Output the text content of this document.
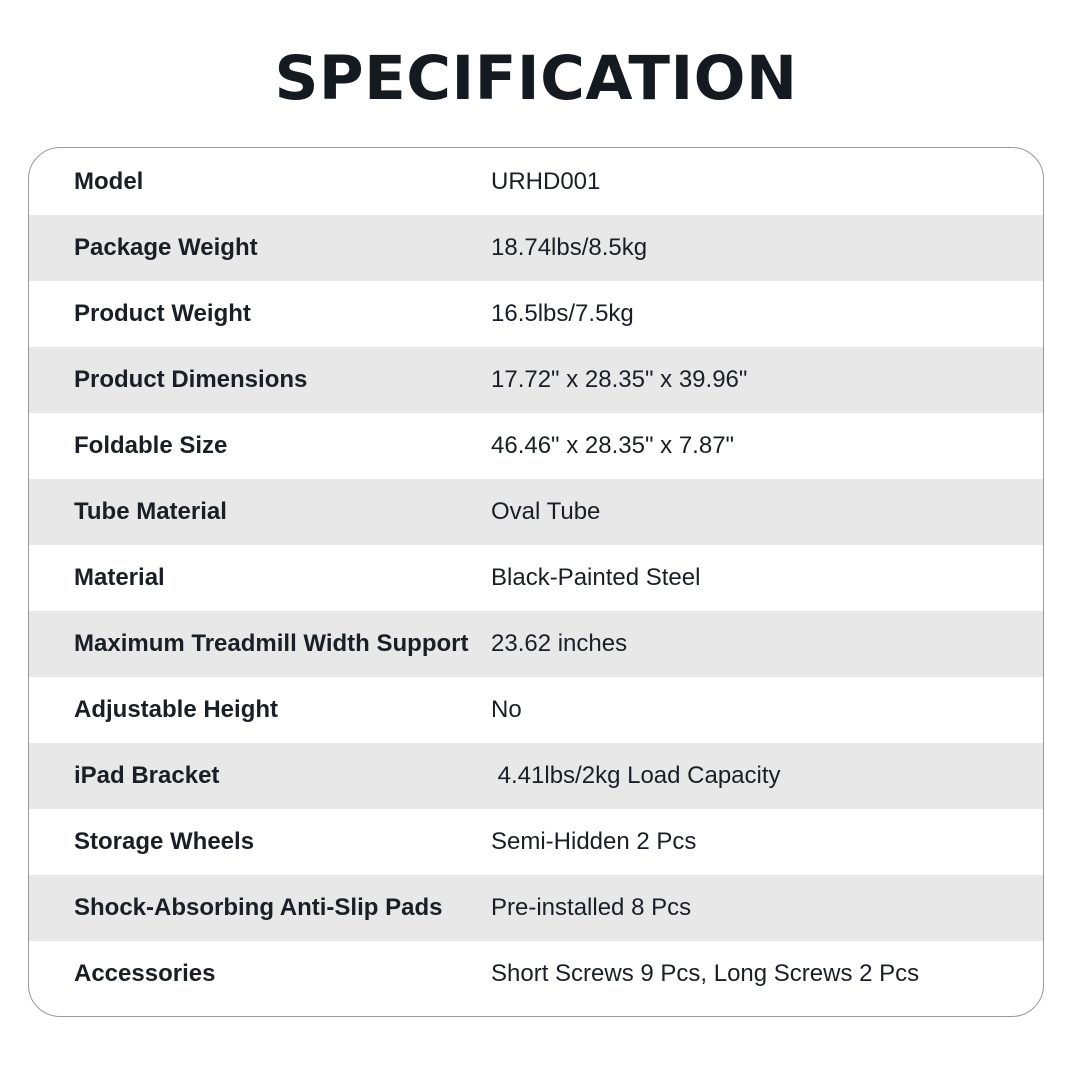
SPECIFICATION
Model	URHD001
Package Weight	18.74lbs/8.5kg
Product Weight	16.5lbs/7.5kg
Product Dimensions	17.72" x 28.35" x 39.96"
Foldable Size	46.46" x 28.35" x 7.87"
Tube Material	Oval Tube
Material	Black-Painted Steel
Maximum Treadmill Width Support 23.62 inches
Adjustable Height	No
iPad Bracket	4.41lbs/2kg Load Capacity
Storage Wheels	Semi-Hidden 2 Pcs
Shock-Absorbing Anti-Slip Pads	Pre-installed 8 Pcs
Accessories	Short Screws 9 Pcs, Long Screws 2 Pcs
